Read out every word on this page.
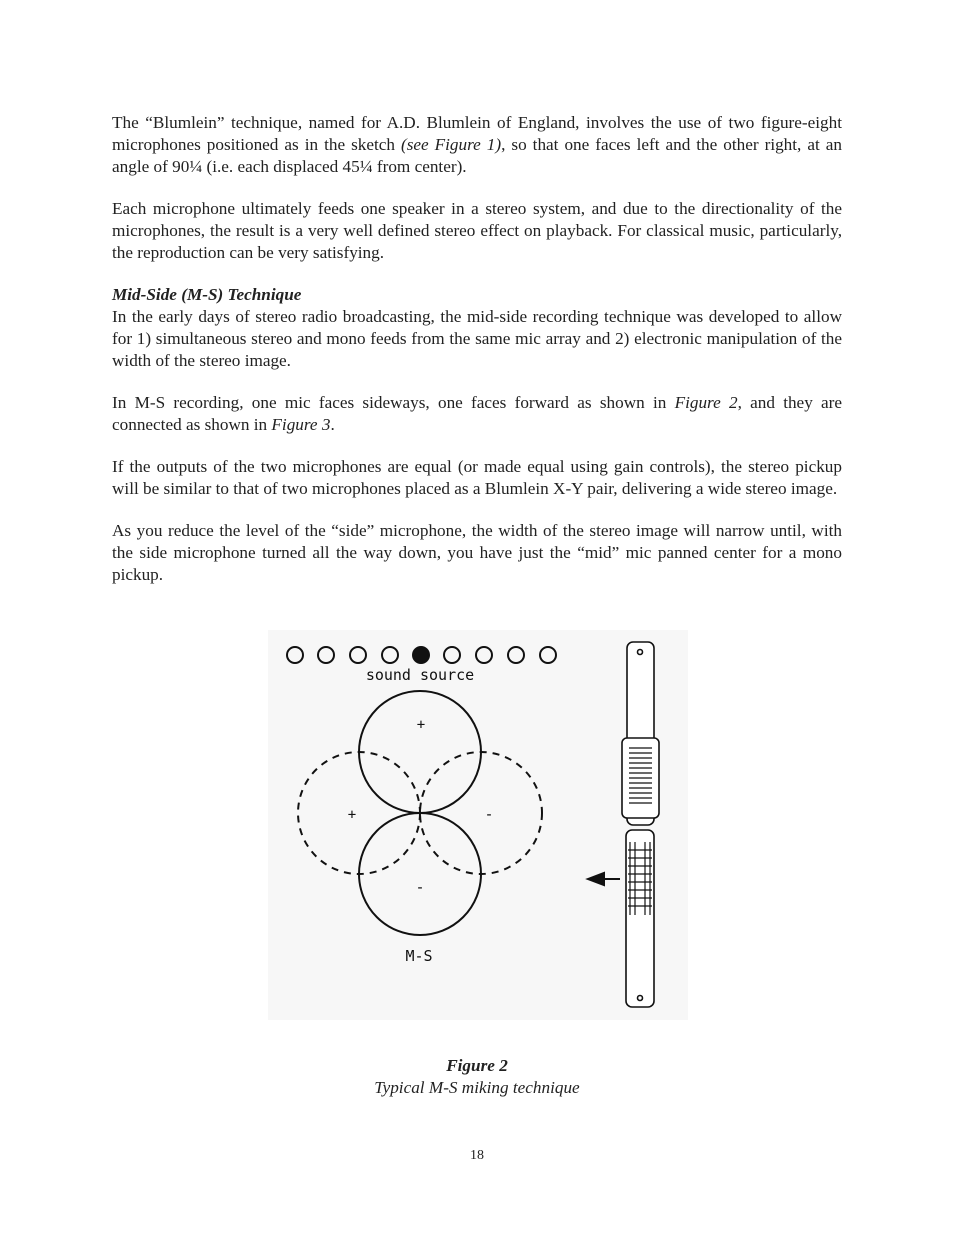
The “Blumlein” technique, named for A.D. Blumlein of England, involves the use of two figure-eight microphones positioned as in the sketch (see Figure 1), so that one faces left and the other right, at an angle of 90¼ (i.e. each displaced 45¼ from center).

Each microphone ultimately feeds one speaker in a stereo system, and due to the directionality of the microphones, the result is a very well defined stereo effect on playback. For classical music, particularly, the reproduction can be very satisfying.

Mid-Side (M-S) Technique

In the early days of stereo radio broadcasting, the mid-side recording technique was developed to allow for 1) simultaneous stereo and mono feeds from the same mic array and 2) electronic manipulation of the width of the stereo image.

In M-S recording, one mic faces sideways, one faces forward as shown in Figure 2, and they are connected as shown in Figure 3.

If the outputs of the two microphones are equal (or made equal using gain controls), the stereo pickup will be similar to that of two microphones placed as a Blumlein X-Y pair, delivering a wide stereo image.

As you reduce the level of the “side” microphone, the width of the stereo image will narrow until, with the side microphone turned all the way down, you have just the “mid” mic panned center for a mono pickup.

sound source
+
-
+	-
M-S
Figure 2
Typical M-S miking technique
18
